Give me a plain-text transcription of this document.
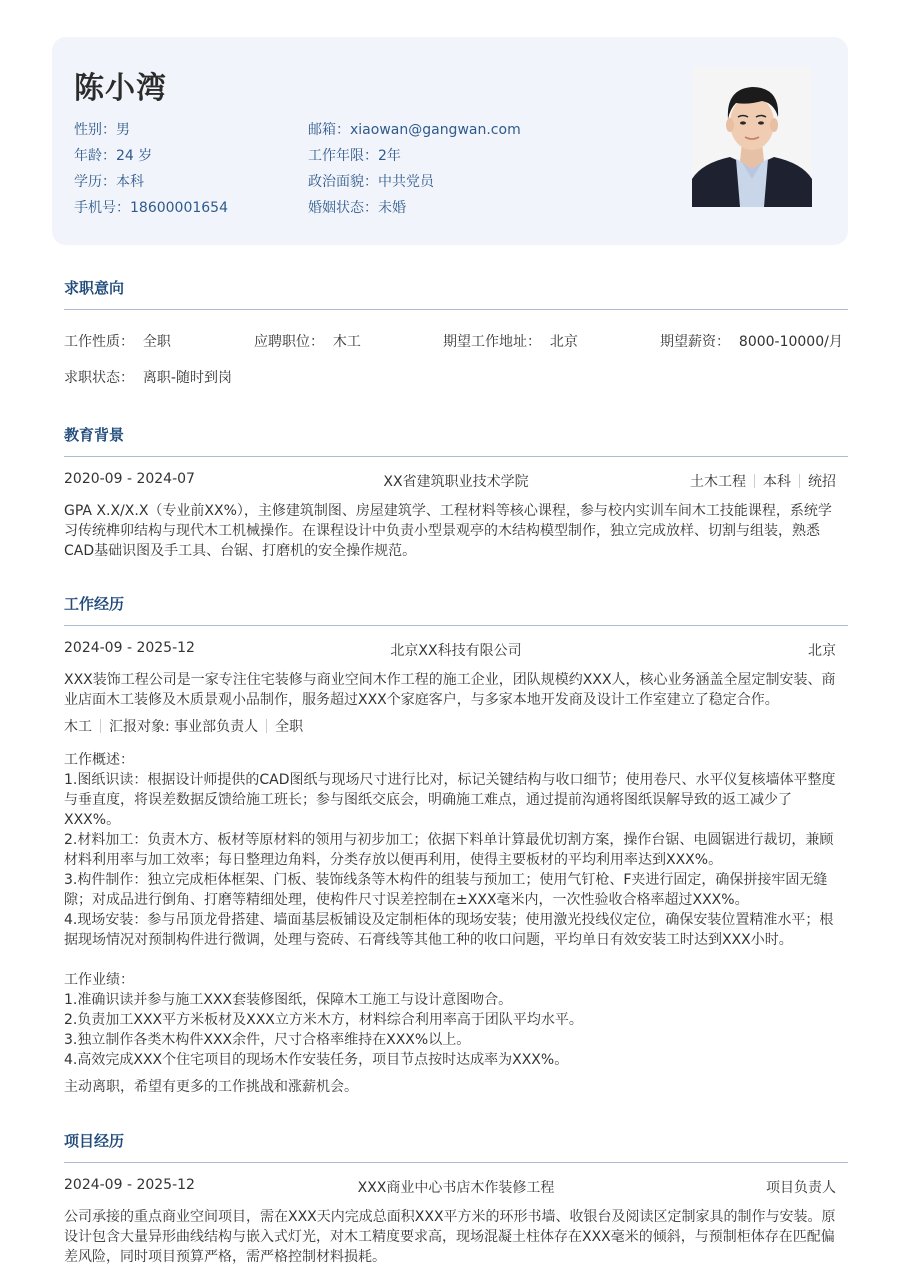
陈小湾
性别：男
年龄：24 岁
学历：本科
手机号：18600001654
邮箱：xiaowan@gangwan.com
工作年限：2年
政治面貌：中共党员
婚姻状态：未婚
求职意向
工作性质： 全职	应聘职位： 木工	期望工作地址： 北京	期望薪资： 8000-10000/月
求职状态： 离职-随时到岗
教育背景
2020-09 - 2024-07	XX省建筑职业技术学院	土木工程 本科 统招
GPA X.X/X.X（专业前XX%），主修建筑制图、房屋建筑学、工程材料等核心课程，参与校内实训车间木工技能课程，系统学习传统榫卯结构与现代木工机械操作。在课程设计中负责小型景观亭的木结构模型制作，独立完成放样、切割与组装，熟悉CAD基础识图及手工具、台锯、打磨机的安全操作规范。
工作经历
2024-09 - 2025-12	北京XX科技有限公司	北京
XXX装饰工程公司是一家专注住宅装修与商业空间木作工程的施工企业，团队规模约XXX人，核心业务涵盖全屋定制安装、商业店面木工装修及木质景观小品制作，服务超过XXX个家庭客户，与多家本地开发商及设计工作室建立了稳定合作。
木工 汇报对象: 事业部负责人 全职
工作概述：
1.图纸识读：根据设计师提供的CAD图纸与现场尺寸进行比对，标记关键结构与收口细节；使用卷尺、水平仪复核墙体平整度与垂直度，将误差数据反馈给施工班长；参与图纸交底会，明确施工难点，通过提前沟通将图纸误解导致的返工减少了XXX%。
2.材料加工：负责木方、板材等原材料的领用与初步加工；依据下料单计算最优切割方案，操作台锯、电圆锯进行裁切，兼顾材料利用率与加工效率；每日整理边角料，分类存放以便再利用，使得主要板材的平均利用率达到XXX%。
3.构件制作：独立完成柜体框架、门板、装饰线条等木构件的组装与预加工；使用气钉枪、F夹进行固定，确保拼接牢固无缝隙；对成品进行倒角、打磨等精细处理，使构件尺寸误差控制在±XXX毫米内，一次性验收合格率超过XXX%。
4.现场安装：参与吊顶龙骨搭建、墙面基层板铺设及定制柜体的现场安装；使用激光投线仪定位，确保安装位置精准水平；根据现场情况对预制构件进行微调，处理与瓷砖、石膏线等其他工种的收口问题，平均单日有效安装工时达到XXX小时。
工作业绩：
1.准确识读并参与施工XXX套装修图纸，保障木工施工与设计意图吻合。
2.负责加工XXX平方米板材及XXX立方米木方，材料综合利用率高于团队平均水平。
3.独立制作各类木构件XXX余件，尺寸合格率维持在XXX%以上。
4.高效完成XXX个住宅项目的现场木作安装任务，项目节点按时达成率为XXX%。
主动离职，希望有更多的工作挑战和涨薪机会。
项目经历
2024-09 - 2025-12	XXX商业中心书店木作装修工程	项目负责人
公司承接的重点商业空间项目，需在XXX天内完成总面积XXX平方米的环形书墙、收银台及阅读区定制家具的制作与安装。原设计包含大量异形曲线结构与嵌入式灯光，对木工精度要求高，现场混凝土柱体存在XXX毫米的倾斜，与预制柜体存在匹配偏差风险，同时项目预算严格，需严格控制材料损耗。
